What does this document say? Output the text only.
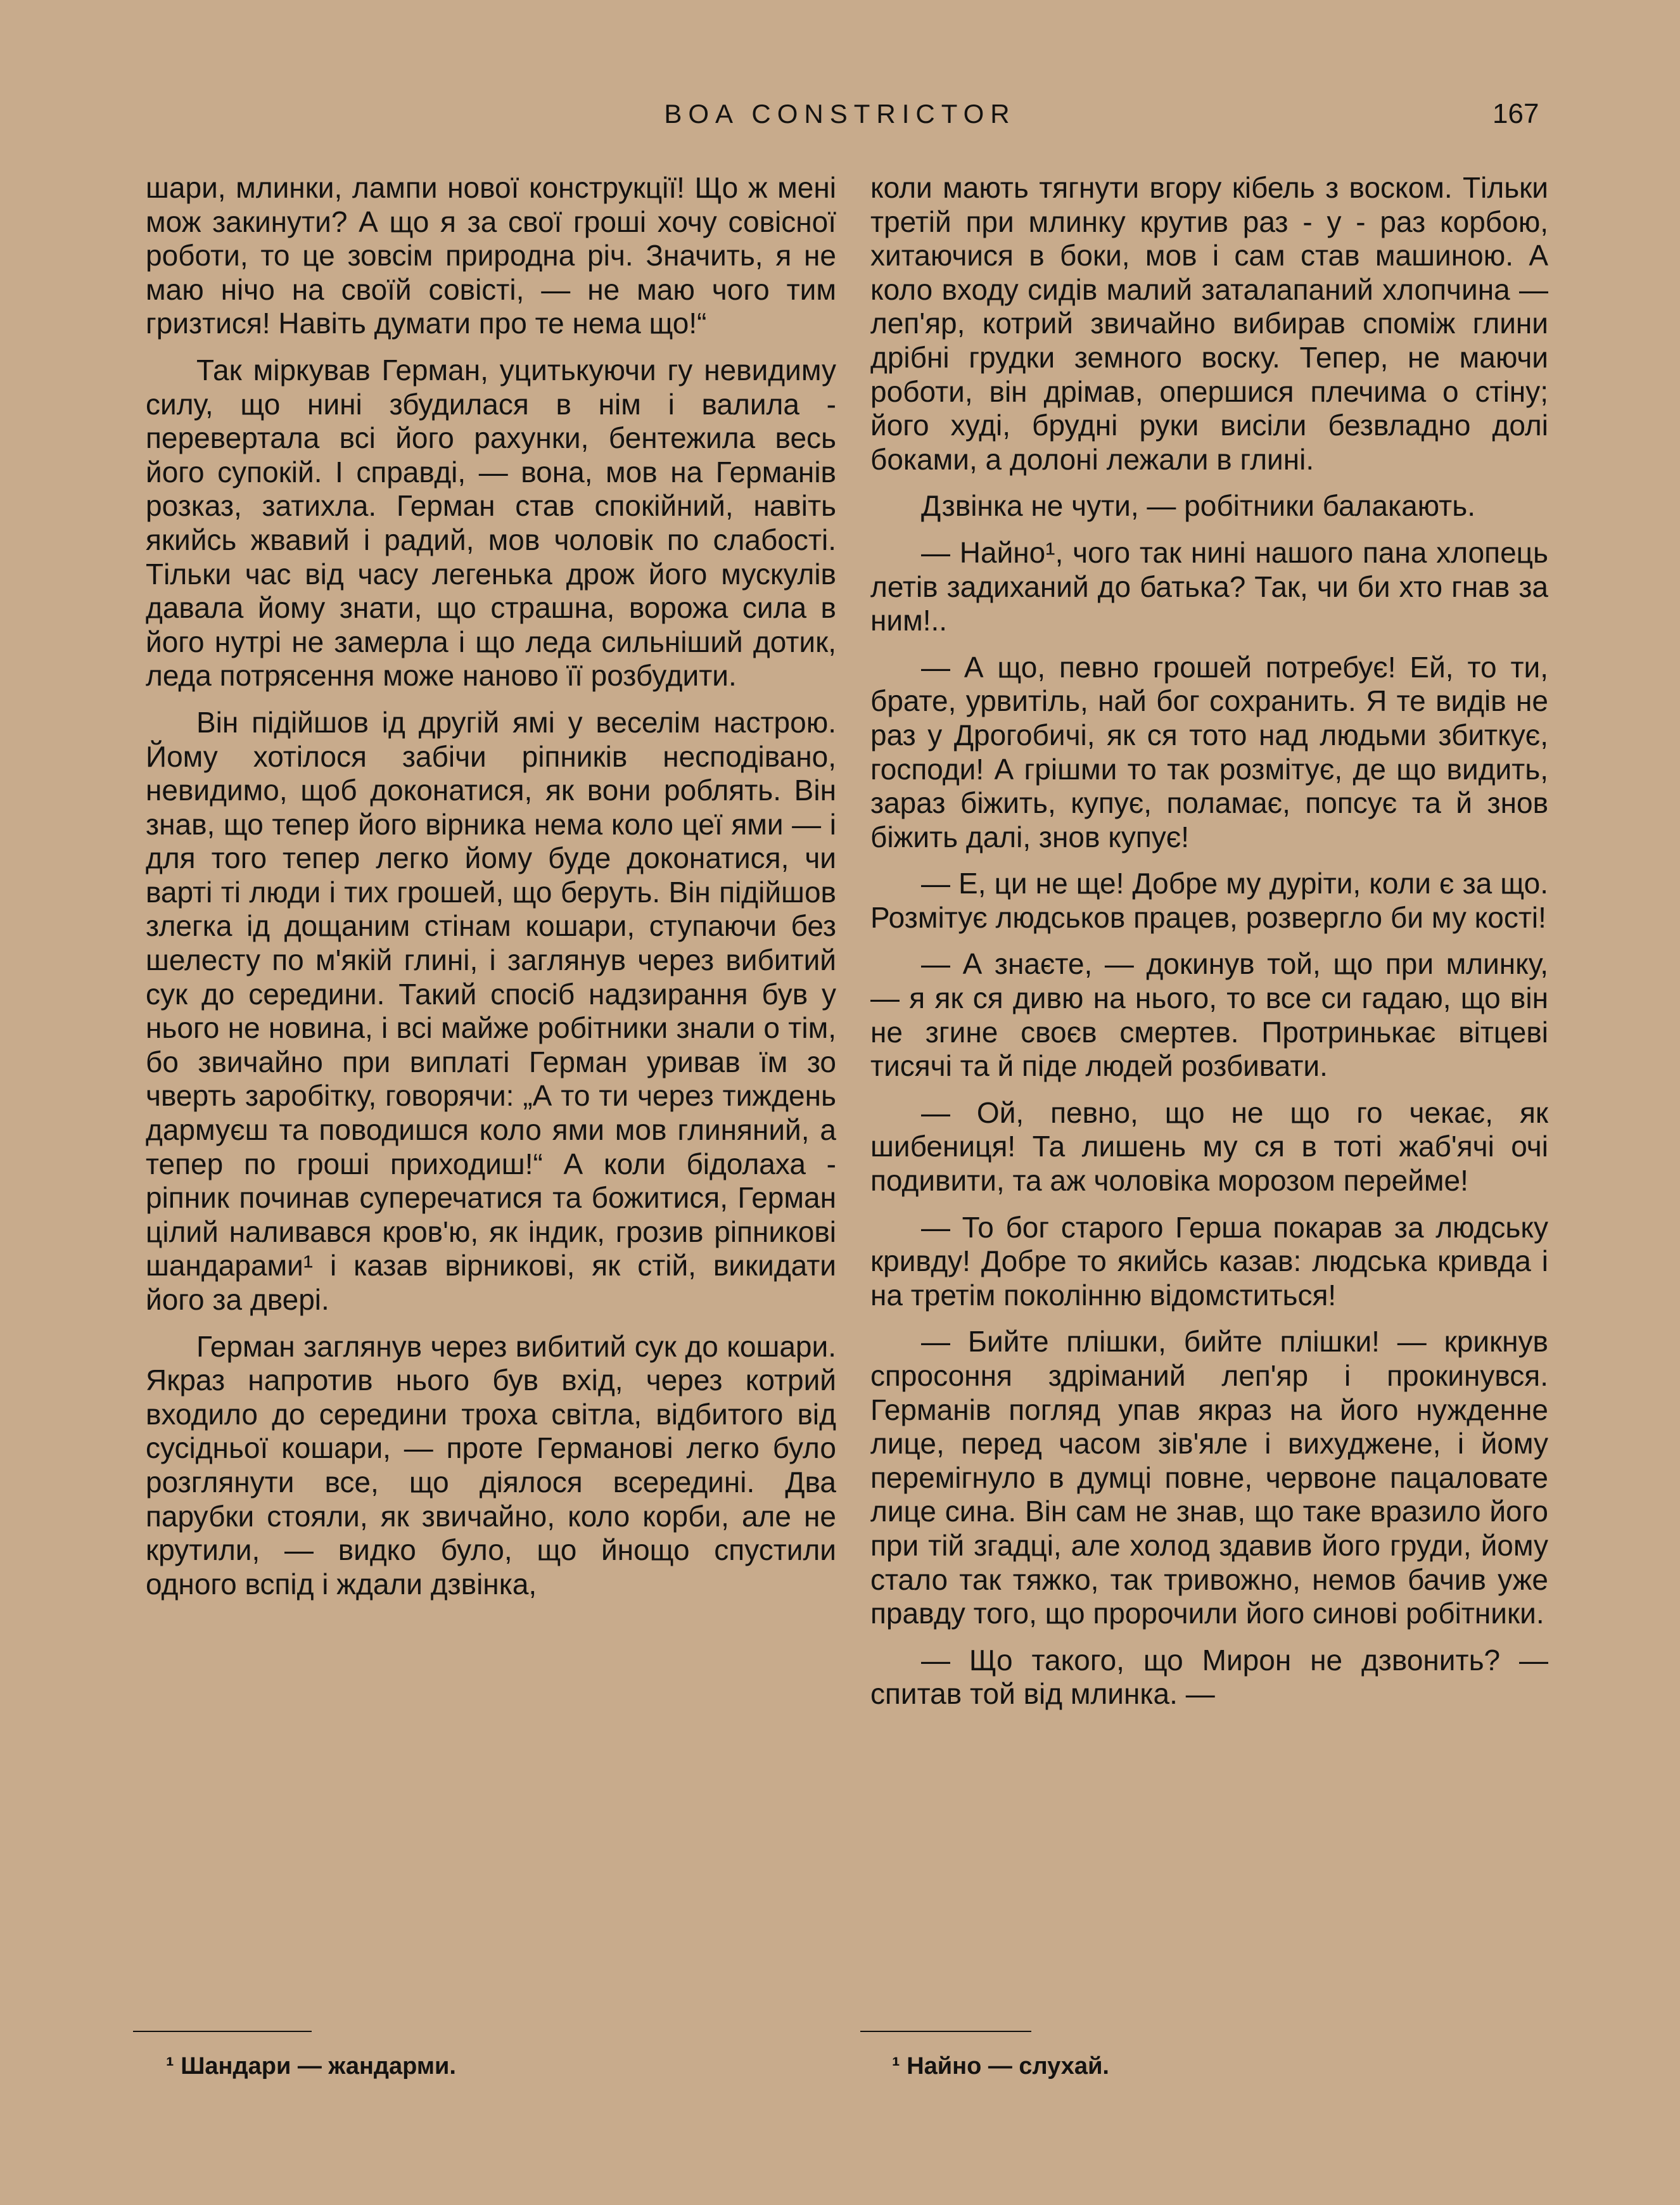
BOA CONSTRICTOR	167

шари, млинки, лампи нової конструкції! Що ж мені мож закинути? А що я за свої гроші хочу совісної роботи, то це зовсім природна річ. Значить, я не маю нічо на своїй совісті, — не маю чого тим гризтися! Навіть думати про те нема що!“

Так міркував Герман, уцитькуючи гу невидиму силу, що нині збудилася в нім і валила - перевертала всі його рахунки, бентежила весь його супокій. І справді, — вона, мов на Германів розказ, затихла. Герман став спокійний, навіть якийсь жвавий і радий, мов чоловік по слабості. Тільки час від часу легенька дрож його мускулів давала йому знати, що страшна, ворожа сила в його нутрі не замерла і що леда сильніший дотик, леда потрясення може наново її розбудити.

Він підійшов ід другій ямі у веселім настрою. Йому хотілося забічи ріпників несподівано, невидимо, щоб доконатися, як вони роблять. Він знав, що тепер його вірника нема коло цеї ями — і для того тепер легко йому буде доконатися, чи варті ті люди і тих грошей, що беруть. Він підійшов злегка ід дощаним стінам кошари, ступаючи без шелесту по м'якій глині, і заглянув через вибитий сук до середини. Такий спосіб надзирання був у нього не новина, і всі майже робітники знали о тім, бо звичайно при виплаті Герман уривав їм зо чверть заробітку, говорячи: „А то ти через тиждень дармуєш та поводишся коло ями мов глиняний, а тепер по гроші приходиш!“ А коли бідолаха - ріпник починав суперечатися та божитися, Герман цілий наливався кров'ю, як індик, грозив ріпникові шандарами¹ і казав вірникові, як стій, викидати його за двері.

Герман заглянув через вибитий сук до кошари. Якраз напротив нього був вхід, через котрий входило до середини троха світла, відбитого від сусідньої кошари, — проте Германові легко було розглянути все, що діялося всередині. Два парубки стояли, як звичайно, коло корби, але не крутили, — видко було, що йнощо спустили одного вспід і ждали дзвінка,

коли мають тягнути вгору кібель з воском. Тільки третій при млинку крутив раз - у - раз корбою, хитаючися в боки, мов і сам став машиною. А коло входу сидів малий заталапаний хлопчина — леп'яр, котрий звичайно вибирав споміж глини дрібні грудки земного воску. Тепер, не маючи роботи, він дрімав, опершися плечима о стіну; його худі, брудні руки висіли безвладно долі боками, а долоні лежали в глині.

Дзвінка не чути, — робітники балакають.

— Найно¹, чого так нині нашого пана хлопець летів задиханий до батька? Так, чи би хто гнав за ним!..

— А що, певно грошей потребує! Ей, то ти, брате, урвитіль, най бог сохранить. Я те видів не раз у Дрогобичі, як ся тото над людьми збиткує, господи! А грішми то так розмітує, де що видить, зараз біжить, купує, поламає, попсує та й знов біжить далі, знов купує!

— Е, ци не ще! Добре му дуріти, коли є за що. Розмітує людськов працев, розвергло би му кості!

— А знаєте, — докинув той, що при млинку, — я як ся дивю на нього, то все си гадаю, що він не згине своєв смертев. Протринькає вітцеві тисячі та й піде людей розбивати.

— Ой, певно, що не що го чекає, як шибениця! Та лишень му ся в тоті жаб'ячі очі подивити, та аж чоловіка морозом перейме!

— То бог старого Герша покарав за людську кривду! Добре то якийсь казав: людська кривда і на третім поколінню відомститься!

— Бийте плішки, бийте плішки! — крикнув спросоння здріманий леп'яр і прокинувся. Германів погляд упав якраз на його нужденне лице, перед часом зів'яле і вихуджене, і йому перемігнуло в думці повне, червоне пацаловате лице сина. Він сам не знав, що таке вразило його при тій згадці, але холод здавив його груди, йому стало так тяжко, так тривожно, немов бачив уже правду того, що пророчили його синові робітники.

— Що такого, що Мирон не дзвонить? — спитав той від млинка. —

¹ Шандари — жандарми.	¹ Найно — слухай.
